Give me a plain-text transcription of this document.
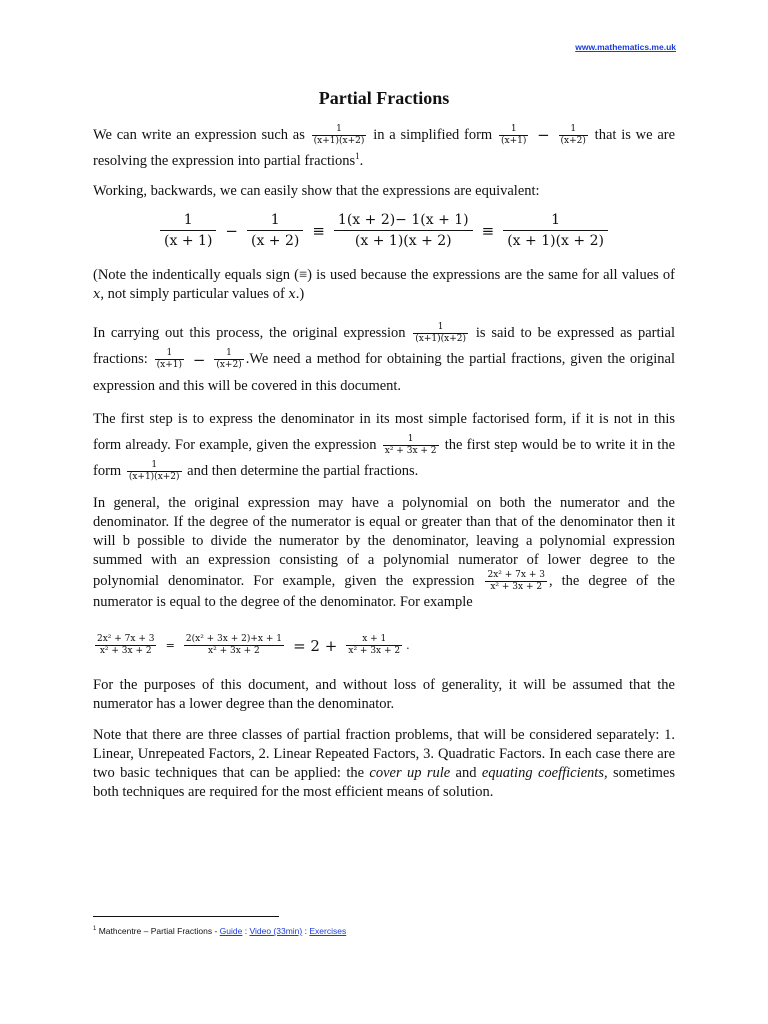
www.mathematics.me.uk
Partial Fractions
We can write an expression such as $\frac{1}{(x+1)(x+2)}$ in a simplified form $\frac{1}{(x+1)} - \frac{1}{(x+2)}$ that is we are resolving the expression into partial fractions$^1$.
Working, backwards, we can easily show that the expressions are equivalent:
$\frac{1}{(x + 1)} - \frac{1}{(x + 2)} \equiv \frac{1(x + 2)- 1(x + 1)}{(x + 1)(x + 2)} \equiv \frac{1}{(x + 1)(x + 2)}$
(Note the indentically equals sign (≡) is used because the expressions are the same for all values of x, not simply particular values of x.)
In carrying out this process, the original expression $\frac{1}{(x+1)(x+2)}$ is said to be expressed as partial fractions: $\frac{1}{(x+1)} - \frac{1}{(x+2)} .We$ need a method for obtaining the partial fractions, given the original expression and this will be covered in this document.
The first step is to express the denominator in its most simple factorised form, if it is not in this form already. For example, given the expression $\frac{1}{\text{x² + 3x + 2}}$ the first step would be to write it in the form $\frac{1}{(x+1)(x+2)}$ and then determine the partial fractions.
In general, the original expression may have a polynomial on both the numerator and the denominator. If the degree of the numerator is equal or greater than that of the denominator then it will b possible to divide the numerator by the denominator, leaving a polynomial expression summed with an expression consisting of a polynomial numerator of lower degree to the polynomial denominator. For example, given the expression $\frac{\text{2x² + 7x + 3}}{\text{x² + 3x + 2}}$ , the degree of the numerator is equal to the degree of the denominator. For example
$\frac{\text{2x² + 7x + 3}}{\text{x² + 3x + 2}} = \frac{\text{2(x² + 3x + 2)+x + 1}}{\text{x² + 3x + 2}} = 2 + \frac{x + 1}{\text{x² + 3x + 2}}$ .
For the purposes of this document, and without loss of generality, it will be assumed that the numerator has a lower degree than the denominator.
Note that there are three classes of partial fraction problems, that will be considered separately: 1. Linear, Unrepeated Factors, 2. Linear Repeated Factors, 3. Quadratic Factors. In each case there are two basic techniques that can be applied: the cover up rule and equating coefficients, sometimes both techniques are required for the most efficient means of solution.
$^1$ Mathcentre – Partial Fractions - Guide : Video (33min) : Exercises
